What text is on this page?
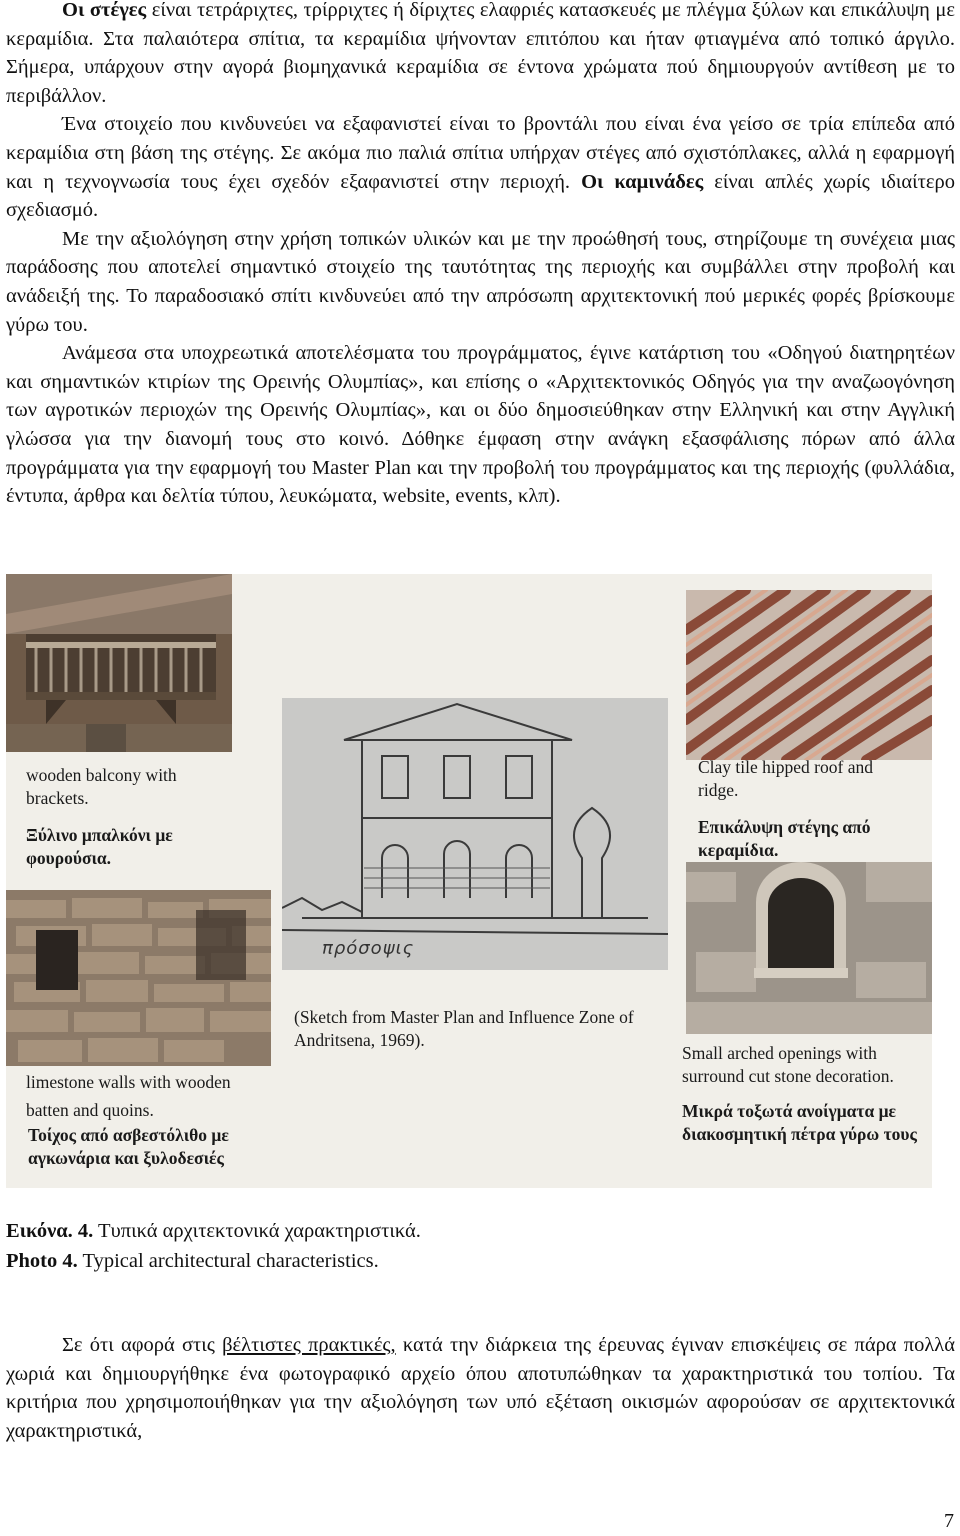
Οι στέγες είναι τετράριχτες, τρίρριχτες ή δίριχτες ελαφριές κατασκευές με πλέγμα ξύλων και επικάλυψη με κεραμίδια. Στα παλαιότερα σπίτια, τα κεραμίδια ψήνονταν επιτόπου και ήταν φτιαγμένα από τοπικό άργιλο. Σήμερα, υπάρχουν στην αγορά βιομηχανικά κεραμίδια σε έντονα χρώματα πού δημιουργούν αντίθεση με το περιβάλλον.

Ένα στοιχείο που κινδυνεύει να εξαφανιστεί είναι το βροντάλι που είναι ένα γείσο σε τρία επίπεδα από κεραμίδια στη βάση της στέγης. Σε ακόμα πιο παλιά σπίτια υπήρχαν στέγες από σχιστόπλακες, αλλά η εφαρμογή και η τεχνογνωσία τους έχει σχεδόν εξαφανιστεί στην περιοχή. Οι καμινάδες είναι απλές χωρίς ιδιαίτερο σχεδιασμό.

Με την αξιολόγηση στην χρήση τοπικών υλικών και με την προώθησή τους, στηρίζουμε τη συνέχεια μιας παράδοσης που αποτελεί σημαντικό στοιχείο της ταυτότητας της περιοχής και συμβάλλει στην προβολή και ανάδειξή της. Το παραδοσιακό σπίτι κινδυνεύει από την απρόσωπη αρχιτεκτονική πού μερικές φορές βρίσκουμε γύρω του.

Ανάμεσα στα υποχρεωτικά αποτελέσματα του προγράμματος, έγινε κατάρτιση του «Οδηγού διατηρητέων και σημαντικών κτιρίων της Ορεινής Ολυμπίας», και επίσης ο «Αρχιτεκτονικός Οδηγός για την αναζωογόνηση των αγροτικών περιοχών της Ορεινής Ολυμπίας», και οι δύο δημοσιεύθηκαν στην Ελληνική και στην Αγγλική γλώσσα για την διανομή τους στο κοινό. Δόθηκε έμφαση στην ανάγκη εξασφάλισης πόρων από άλλα προγράμματα για την εφαρμογή του Master Plan και την προβολή του προγράμματος και της περιοχής (φυλλάδια, έντυπα, άρθρα και δελτία τύπου, λευκώματα, website, events, κλπ).

wooden balcony with brackets.
Ξύλινο μπαλκόνι με φουρούσια.
limestone walls with wooden batten and quoins.
Τοίχος από ασβεστόλιθο με αγκωνάρια και ξυλοδεσιές
πρόσοψις
(Sketch from Master Plan and Influence Zone of Andritsena, 1969).
Clay tile hipped roof and ridge.
Επικάλυψη στέγης από κεραμίδια.
Small arched openings with surround cut stone decoration.
Μικρά τοξωτά ανοίγματα με διακοσμητική πέτρα γύρω τους
Εικόνα. 4. Τυπικά αρχιτεκτονικά χαρακτηριστικά.
Photo 4. Typical architectural characteristics.

Σε ότι αφορά στις βέλτιστες πρακτικές, κατά την διάρκεια της έρευνας έγιναν επισκέψεις σε πάρα πολλά χωριά και δημιουργήθηκε ένα φωτογραφικό αρχείο όπου αποτυπώθηκαν τα χαρακτηριστικά του τοπίου. Τα κριτήρια που χρησιμοποιήθηκαν για την αξιολόγηση των υπό εξέταση οικισμών αφορούσαν σε αρχιτεκτονικά χαρακτηριστικά,

7
